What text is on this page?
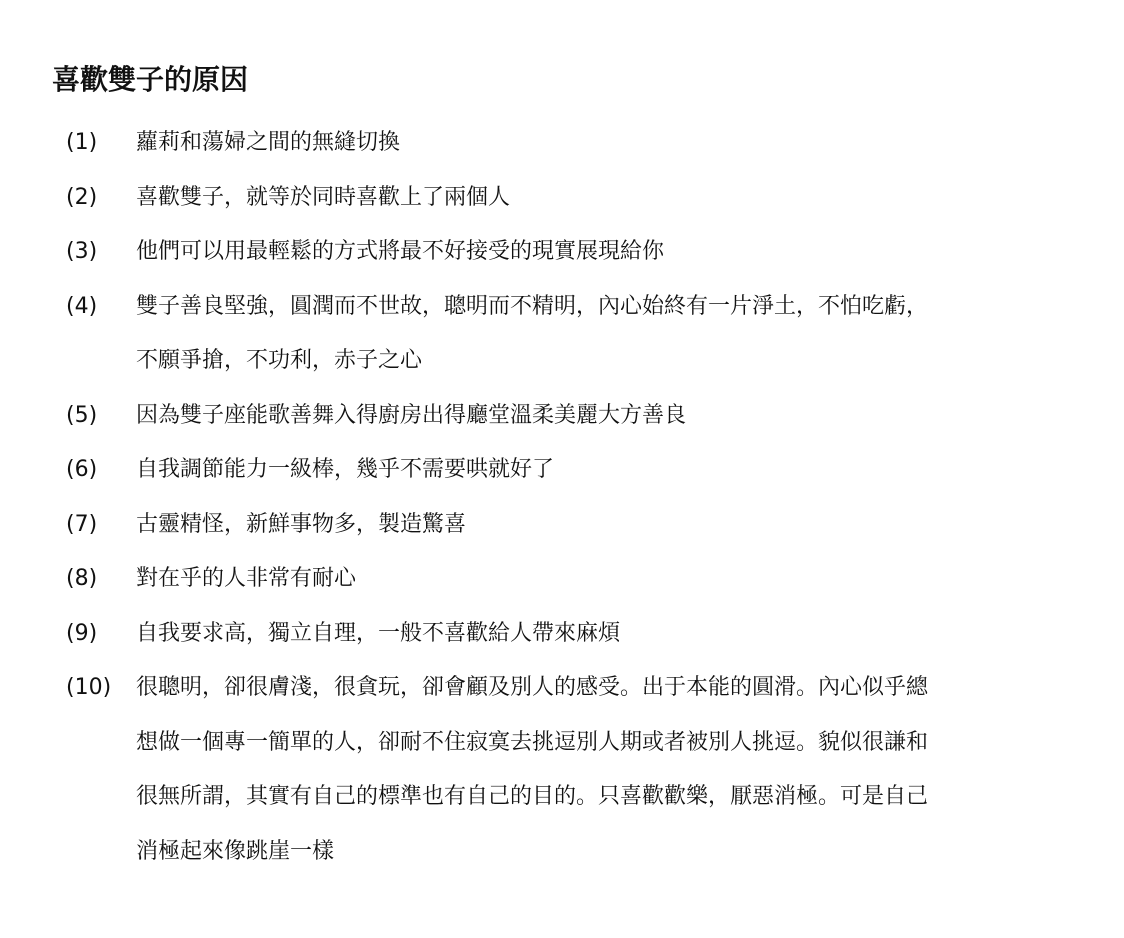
喜歡雙子的原因
(1) 蘿莉和蕩婦之間的無縫切換
(2) 喜歡雙子，就等於同時喜歡上了兩個人
(3) 他們可以用最輕鬆的方式將最不好接受的現實展現給你
(4) 雙子善良堅強，圓潤而不世故，聰明而不精明，內心始終有一片淨土，不怕吃虧，
不願爭搶，不功利，赤子之心
(5) 因為雙子座能歌善舞入得廚房出得廳堂溫柔美麗大方善良
(6) 自我調節能力一級棒，幾乎不需要哄就好了
(7) 古靈精怪，新鮮事物多，製造驚喜
(8) 對在乎的人非常有耐心
(9) 自我要求高，獨立自理，一般不喜歡給人帶來麻煩
(10) 很聰明，卻很膚淺，很貪玩，卻會顧及別人的感受。出于本能的圓滑。內心似乎總
想做一個專一簡單的人，卻耐不住寂寞去挑逗別人期或者被別人挑逗。貌似很謙和
很無所謂，其實有自己的標準也有自己的目的。只喜歡歡樂，厭惡消極。可是自己
消極起來像跳崖一樣
